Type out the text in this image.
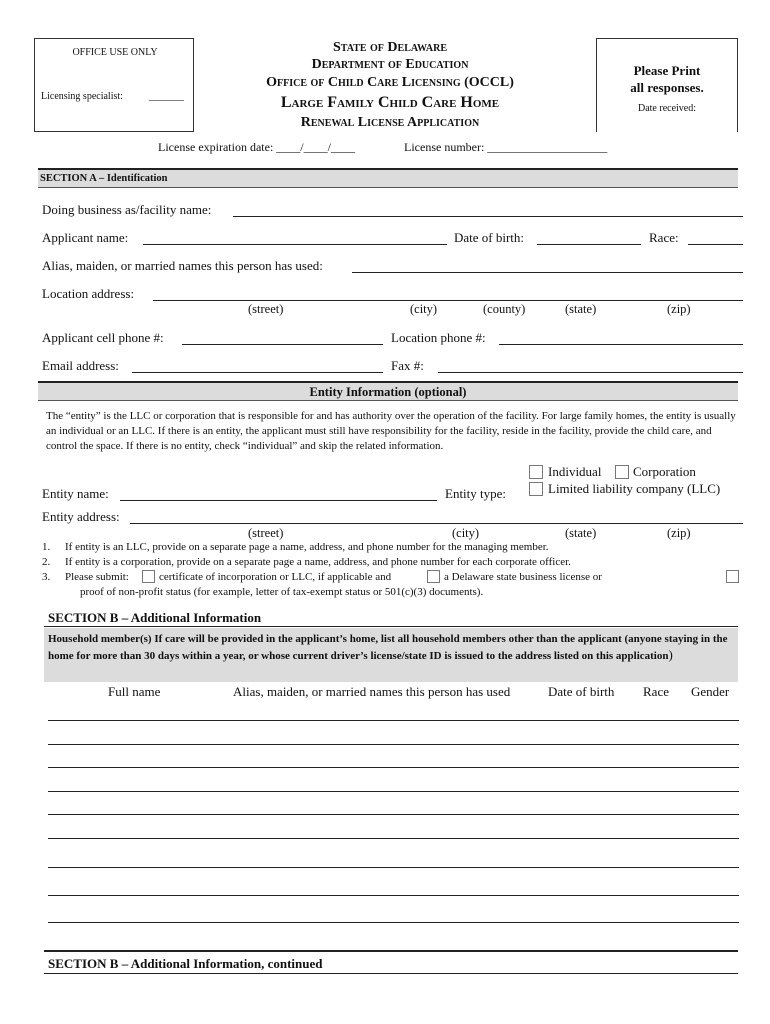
OFFICE USE ONLY
Licensing specialist:	_______
State of Delaware
Department of Education
Office of Child Care Licensing (OCCL)
Large Family Child Care Home
Renewal License Application
Please Print
all responses.
Date received:
License expiration date: ____/____/____	License number: ____________________
SECTION A – Identification
Doing business as/facility name:
Applicant name:	Date of birth:	Race:
Alias, maiden, or married names this person has used:
Location address:
(street)	(city)	(county)	(state)	(zip)
Applicant cell phone #:	Location phone #:
Email address:	Fax #:
Entity Information (optional)
The “entity” is the LLC or corporation that is responsible for and has authority over the operation of the facility. For large family homes, the entity is usually an individual or an LLC. If there is an entity, the applicant must still have responsibility for the facility, reside in the facility, provide the child care, and control the space. If there is no entity, check “individual” and skip the related information.
Individual Corporation
Limited liability company (LLC)
Entity name:	Entity type:
Entity address:
(street)	(city)	(state)	(zip)
1. If entity is an LLC, provide on a separate page a name, address, and phone number for the managing member.
2. If entity is a corporation, provide on a separate page a name, address, and phone number for each corporate officer.
3. Please submit:	certificate of incorporation or LLC, if applicable and	a Delaware state business license or
proof of non-profit status (for example, letter of tax-exempt status or 501(c)(3) documents).
SECTION B – Additional Information
Household member(s) If care will be provided in the applicant’s home, list all household members other than the applicant (anyone staying in the home for more than 30 days within a year, or whose current driver’s license/state ID is issued to the address listed on this application)
Full name	Alias, maiden, or married names this person has used	Date of birth Race Gender
SECTION B – Additional Information, continued
